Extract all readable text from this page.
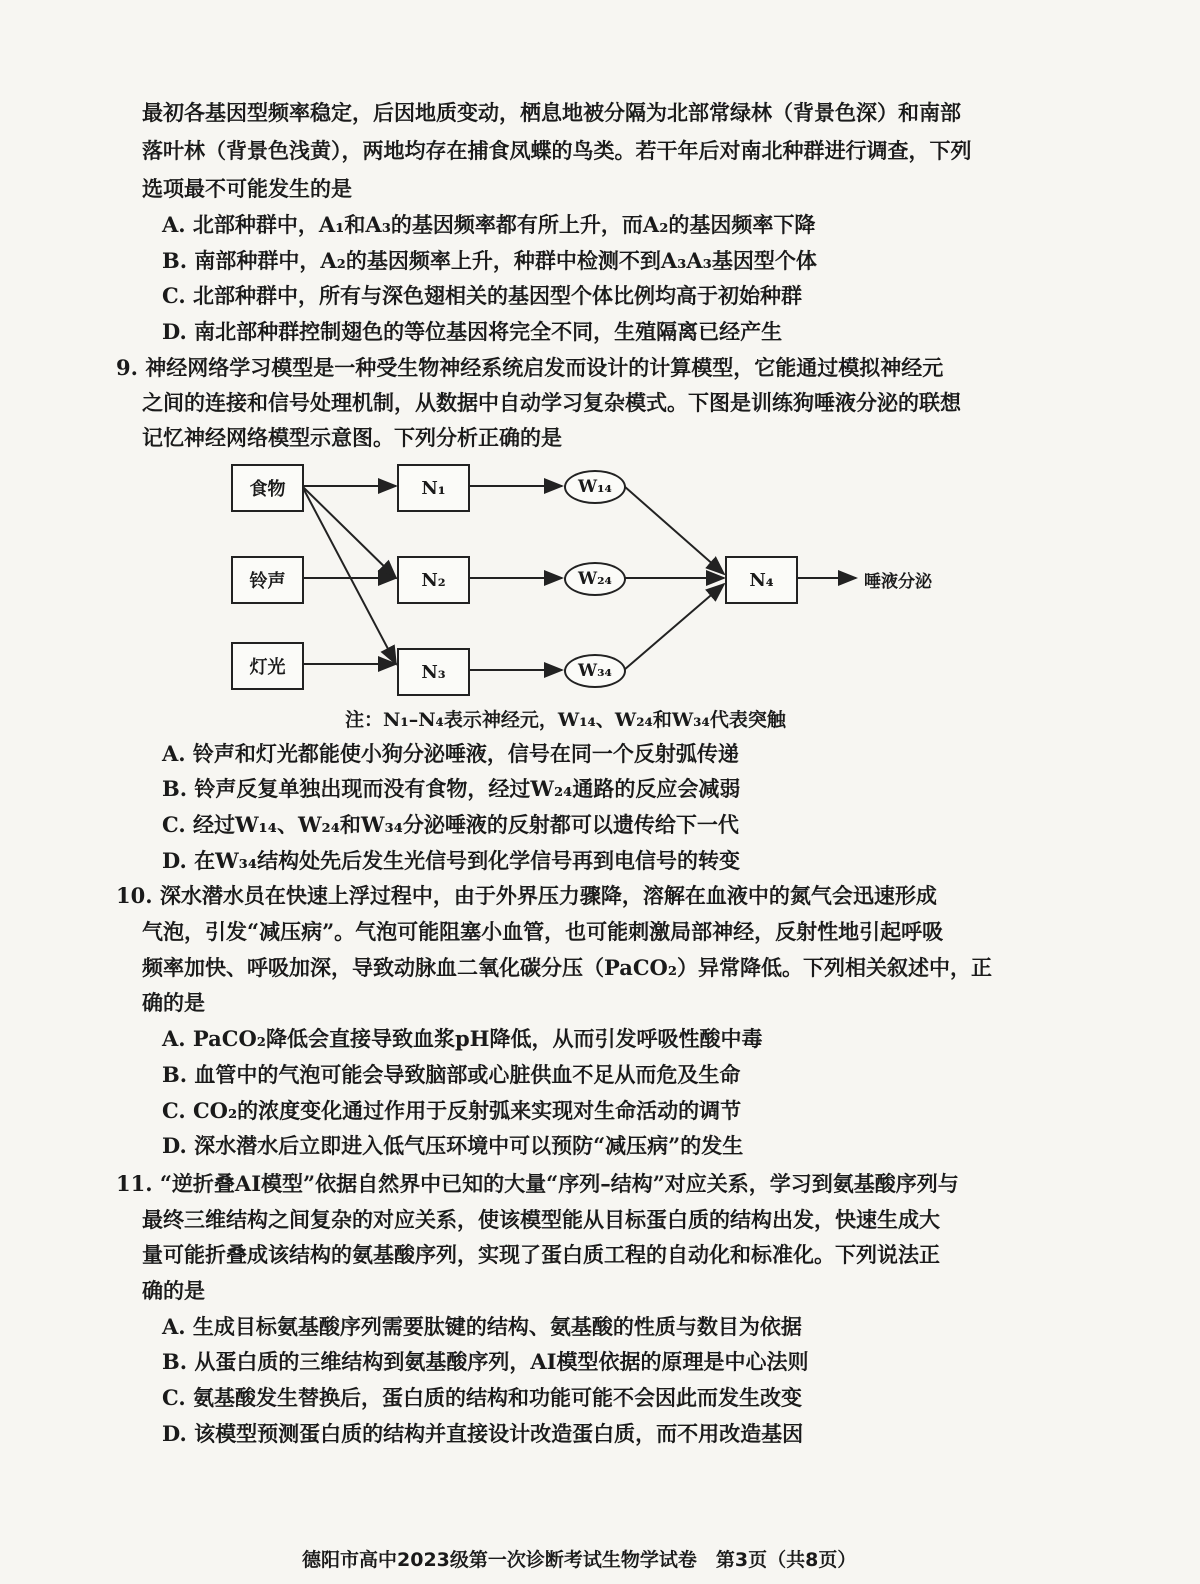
最初各基因型频率稳定，后因地质变动，栖息地被分隔为北部常绿林（背景色深）和南部
落叶林（背景色浅黄），两地均存在捕食凤蝶的鸟类。若干年后对南北种群进行调查，下列
选项最不可能发生的是
A. 北部种群中，A₁和A₃的基因频率都有所上升，而A₂的基因频率下降
B. 南部种群中，A₂的基因频率上升，种群中检测不到A₃A₃基因型个体
C. 北部种群中，所有与深色翅相关的基因型个体比例均高于初始种群
D. 南北部种群控制翅色的等位基因将完全不同，生殖隔离已经产生
9. 神经网络学习模型是一种受生物神经系统启发而设计的计算模型，它能通过模拟神经元
之间的连接和信号处理机制，从数据中自动学习复杂模式。下图是训练狗唾液分泌的联想
记忆神经网络模型示意图。下列分析正确的是
食物
铃声
灯光
N₁
N₂
N₃
N₄
W₁₄
W₂₄
W₃₄
唾液分泌
注：N₁–N₄表示神经元，W₁₄、W₂₄和W₃₄代表突触
A. 铃声和灯光都能使小狗分泌唾液，信号在同一个反射弧传递
B. 铃声反复单独出现而没有食物，经过W₂₄通路的反应会减弱
C. 经过W₁₄、W₂₄和W₃₄分泌唾液的反射都可以遗传给下一代
D. 在W₃₄结构处先后发生光信号到化学信号再到电信号的转变
10. 深水潜水员在快速上浮过程中，由于外界压力骤降，溶解在血液中的氮气会迅速形成
气泡，引发“减压病”。气泡可能阻塞小血管，也可能刺激局部神经，反射性地引起呼吸
频率加快、呼吸加深，导致动脉血二氧化碳分压（PaCO₂）异常降低。下列相关叙述中，正
确的是
A. PaCO₂降低会直接导致血浆pH降低，从而引发呼吸性酸中毒
B. 血管中的气泡可能会导致脑部或心脏供血不足从而危及生命
C. CO₂的浓度变化通过作用于反射弧来实现对生命活动的调节
D. 深水潜水后立即进入低气压环境中可以预防“减压病”的发生
11. “逆折叠AI模型”依据自然界中已知的大量“序列–结构”对应关系，学习到氨基酸序列与
最终三维结构之间复杂的对应关系，使该模型能从目标蛋白质的结构出发，快速生成大
量可能折叠成该结构的氨基酸序列，实现了蛋白质工程的自动化和标准化。下列说法正
确的是
A. 生成目标氨基酸序列需要肽键的结构、氨基酸的性质与数目为依据
B. 从蛋白质的三维结构到氨基酸序列，AI模型依据的原理是中心法则
C. 氨基酸发生替换后，蛋白质的结构和功能可能不会因此而发生改变
D. 该模型预测蛋白质的结构并直接设计改造蛋白质，而不用改造基因
德阳市高中2023级第一次诊断考试生物学试卷　第3页（共8页）
